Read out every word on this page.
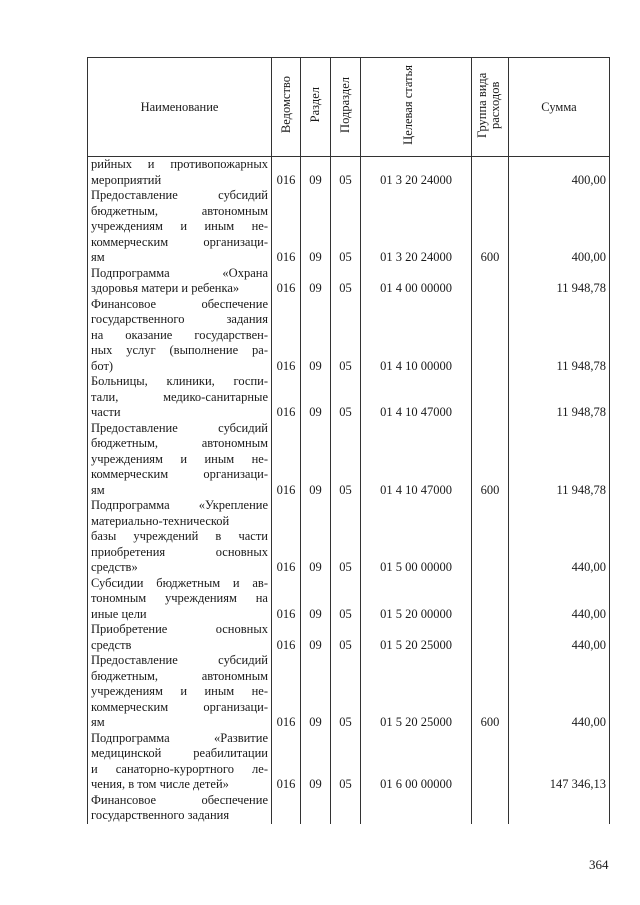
Наименование	Ведомство	Раздел	Подраздел	Целевая статья	Группа вида расходов	Сумма

рийных и противопожарных
мероприятий	016	09	05	01 3 20 24000		400,00

Предоставление субсидий
бюджетным, автономным
учреждениям и иным не-
коммерческим организаци-
ям	016	09	05	01 3 20 24000	600	400,00

Подпрограмма «Охрана
здоровья матери и ребенка»	016	09	05	01 4 00 00000		11 948,78

Финансовое обеспечение
государственного задания
на оказание государствен-
ных услуг (выполнение ра-
бот)	016	09	05	01 4 10 00000		11 948,78

Больницы, клиники, госпи-
тали, медико-санитарные
части	016	09	05	01 4 10 47000		11 948,78

Предоставление субсидий
бюджетным, автономным
учреждениям и иным не-
коммерческим организаци-
ям	016	09	05	01 4 10 47000	600	11 948,78

Подпрограмма «Укрепление
материально-технической
базы учреждений в части
приобретения основных
средств»	016	09	05	01 5 00 00000		440,00

Субсидии бюджетным и ав-
тономным учреждениям на
иные цели	016	09	05	01 5 20 00000		440,00

Приобретение основных
средств	016	09	05	01 5 20 25000		440,00

Предоставление субсидий
бюджетным, автономным
учреждениям и иным не-
коммерческим организаци-
ям	016	09	05	01 5 20 25000	600	440,00

Подпрограмма «Развитие
медицинской реабилитации
и санаторно-курортного ле-
чения, в том числе детей»	016	09	05	01 6 00 00000		147 346,13

Финансовое обеспечение
государственного задания						

364
